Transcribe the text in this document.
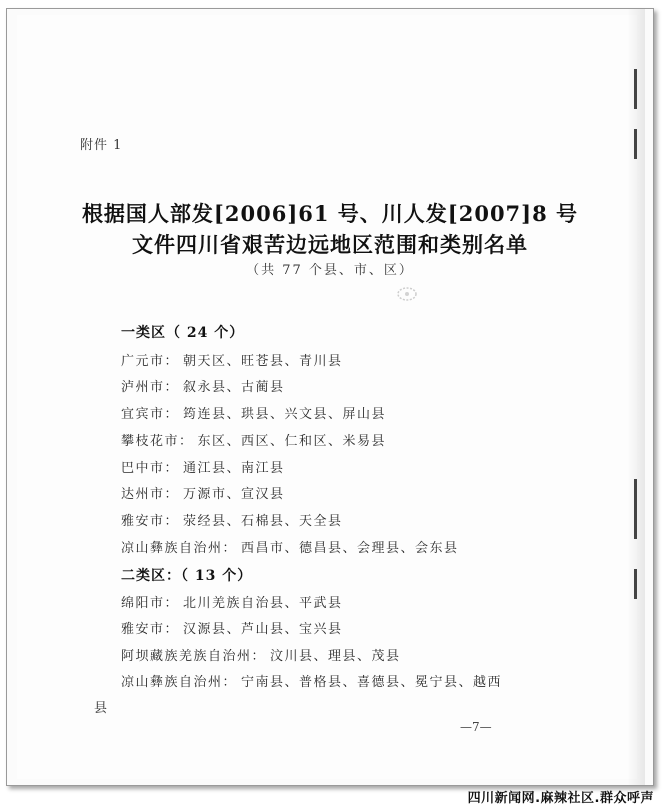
附件 1
根据国人部发[2006]61 号、川人发[2007]8 号
文件四川省艰苦边远地区范围和类别名单
（共 77 个县、市、区）
一类区（ 24 个）
广元市： 朝天区、旺苍县、青川县
泸州市： 叙永县、古蔺县
宜宾市： 筠连县、珙县、兴文县、屏山县
攀枝花市： 东区、西区、仁和区、米易县
巴中市： 通江县、南江县
达州市： 万源市、宣汉县
雅安市： 荥经县、石棉县、天全县
凉山彝族自治州： 西昌市、德昌县、会理县、会东县
二类区：（ 13 个）
绵阳市： 北川羌族自治县、平武县
雅安市： 汉源县、芦山县、宝兴县
阿坝藏族羌族自治州： 汶川县、理县、茂县
凉山彝族自治州： 宁南县、普格县、喜德县、冕宁县、越西
县
—7—
四川新闻网.麻辣社区.群众呼声
